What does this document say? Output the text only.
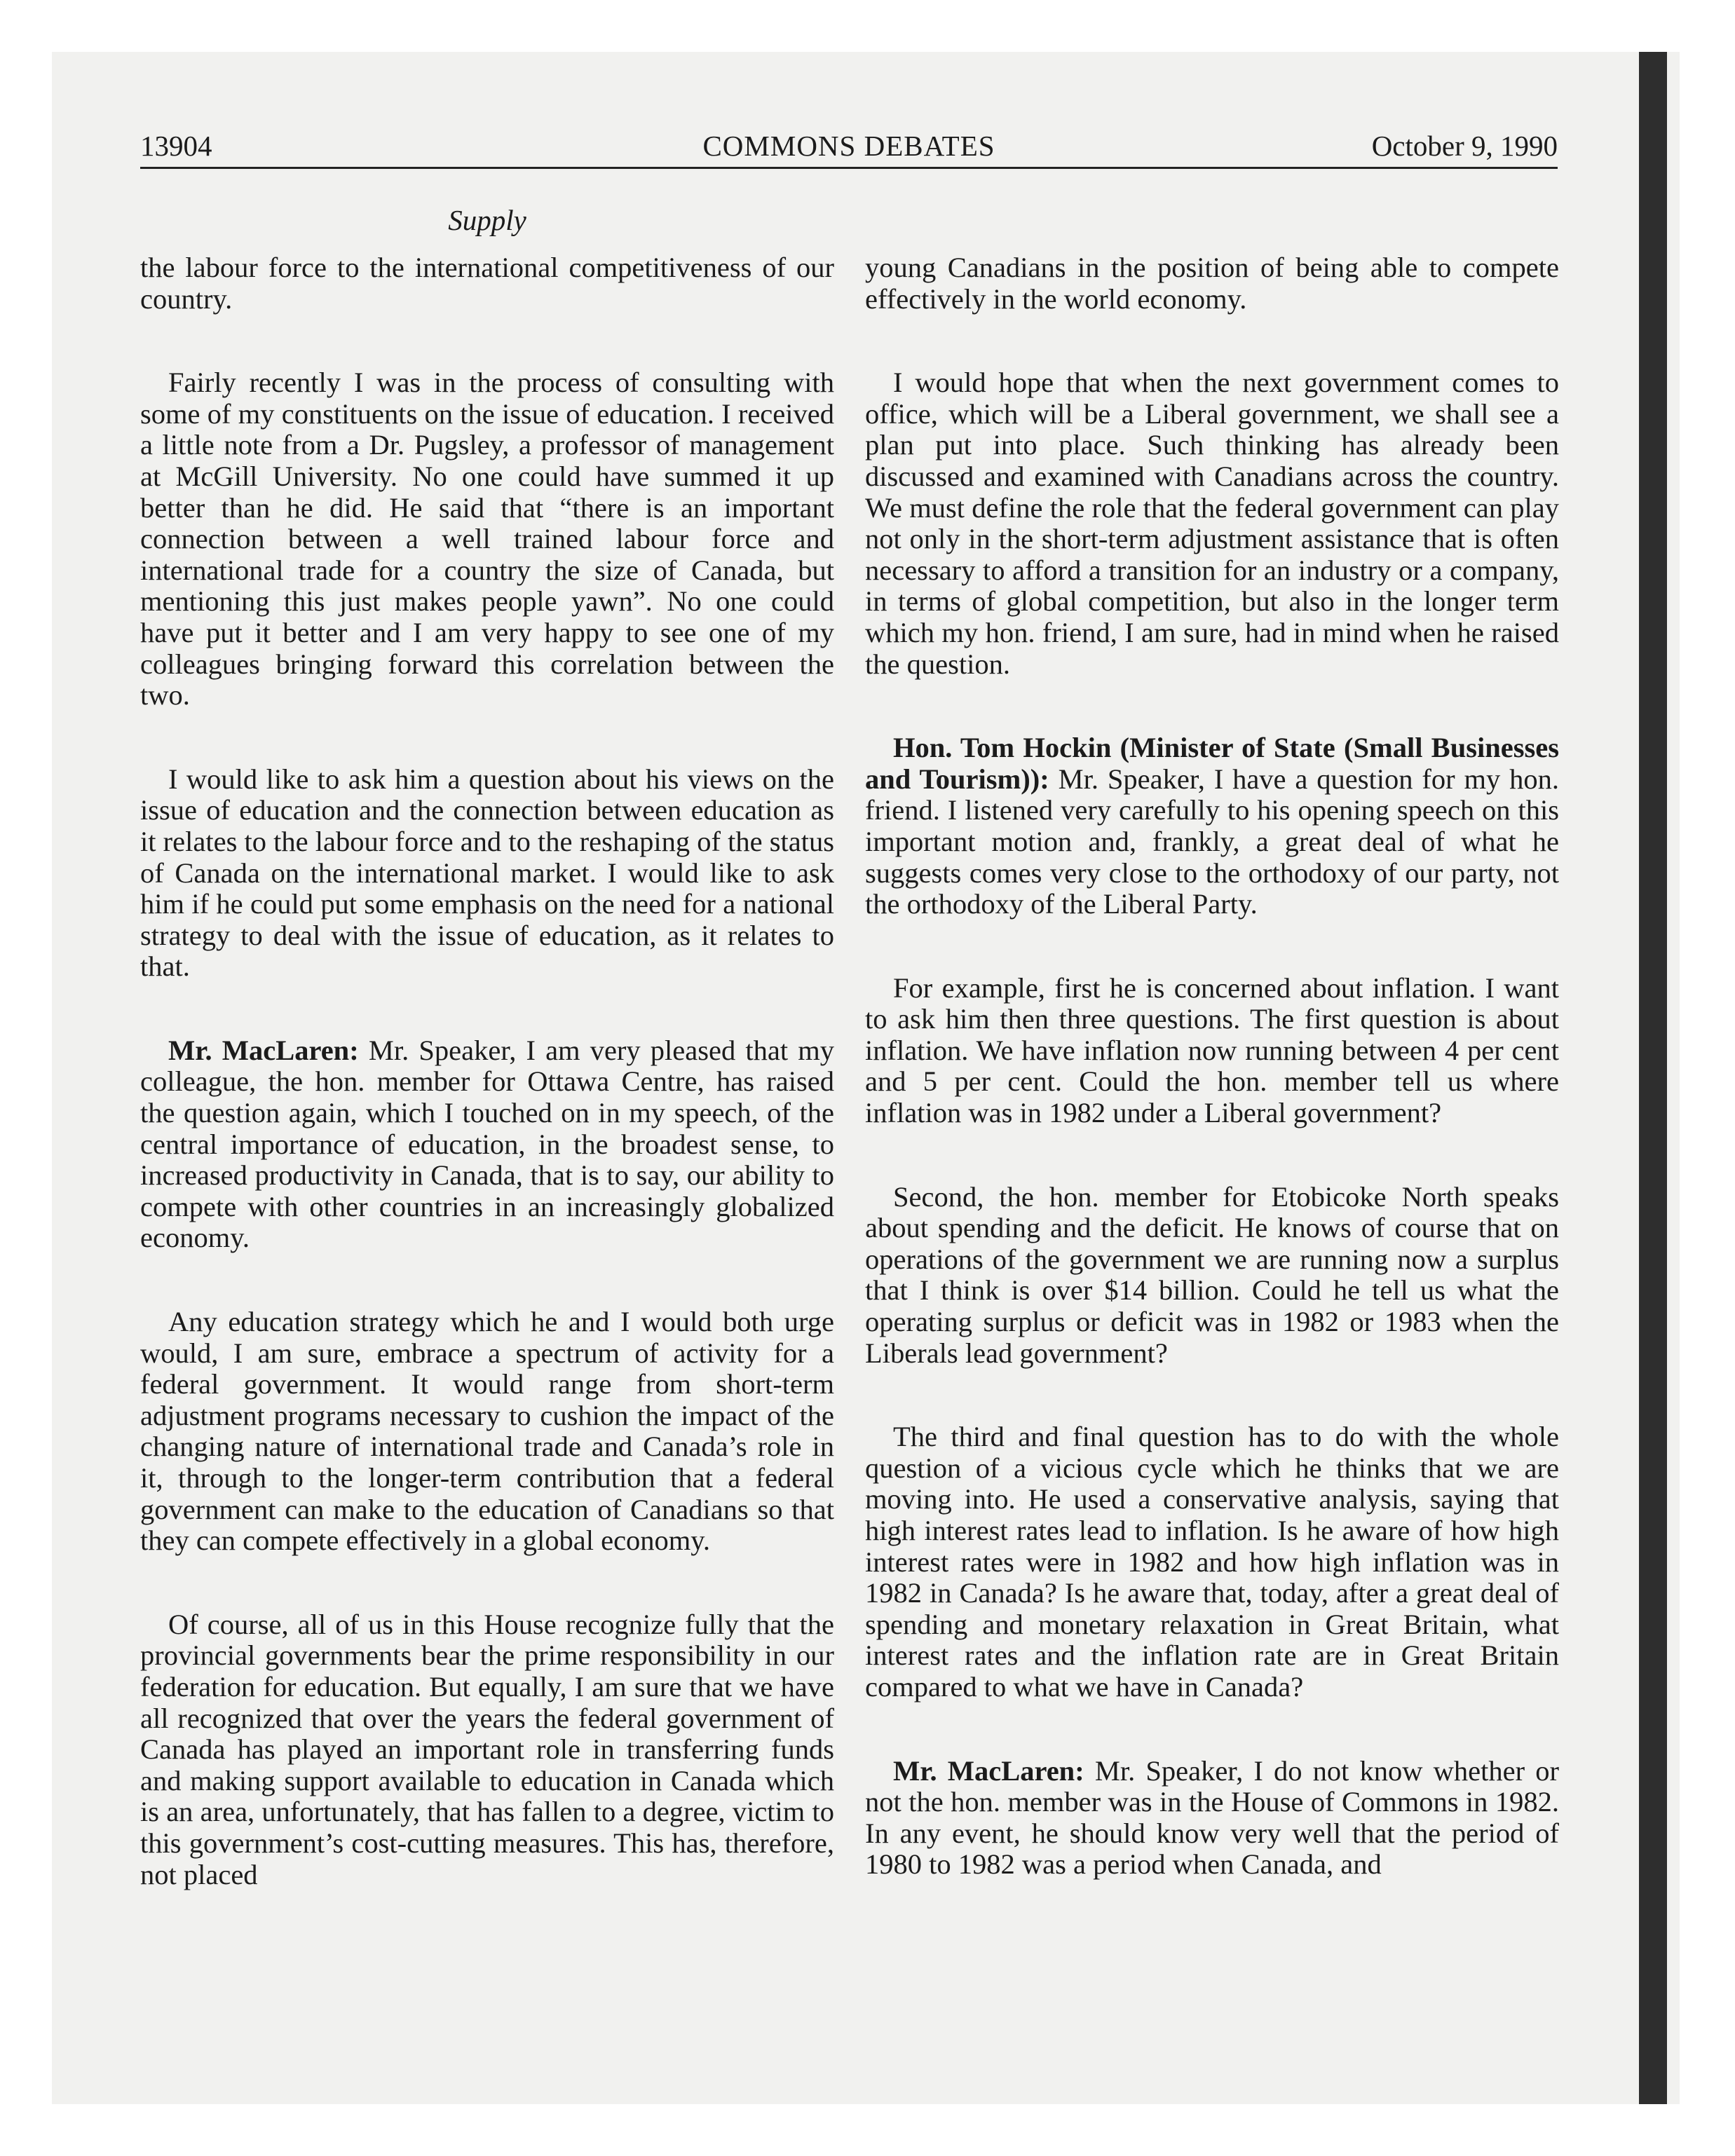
13904	COMMONS DEBATES	October 9, 1990
Supply

the labour force to the international competitiveness of our country.

Fairly recently I was in the process of consulting with some of my constituents on the issue of education. I received a little note from a Dr. Pugsley, a professor of management at McGill University. No one could have summed it up better than he did. He said that “there is an important connection between a well trained labour force and international trade for a country the size of Canada, but mentioning this just makes people yawn”. No one could have put it better and I am very happy to see one of my colleagues bringing forward this correlation between the two.

I would like to ask him a question about his views on the issue of education and the connection between education as it relates to the labour force and to the reshaping of the status of Canada on the international market. I would like to ask him if he could put some emphasis on the need for a national strategy to deal with the issue of education, as it relates to that.

Mr. MacLaren: Mr. Speaker, I am very pleased that my colleague, the hon. member for Ottawa Centre, has raised the question again, which I touched on in my speech, of the central importance of education, in the broadest sense, to increased productivity in Canada, that is to say, our ability to compete with other countries in an increasingly globalized economy.

Any education strategy which he and I would both urge would, I am sure, embrace a spectrum of activity for a federal government. It would range from short-term adjustment programs necessary to cushion the impact of the changing nature of international trade and Canada’s role in it, through to the longer-term contribution that a federal government can make to the education of Canadians so that they can compete effectively in a global economy.

Of course, all of us in this House recognize fully that the provincial governments bear the prime responsibility in our federation for education. But equally, I am sure that we have all recognized that over the years the federal government of Canada has played an important role in transferring funds and making support available to education in Canada which is an area, unfortunately, that has fallen to a degree, victim to this government’s cost-cutting measures. This has, therefore, not placed

young Canadians in the position of being able to compete effectively in the world economy.

I would hope that when the next government comes to office, which will be a Liberal government, we shall see a plan put into place. Such thinking has already been discussed and examined with Canadians across the country. We must define the role that the federal government can play not only in the short-term adjustment assistance that is often necessary to afford a transition for an industry or a company, in terms of global competition, but also in the longer term which my hon. friend, I am sure, had in mind when he raised the question.

Hon. Tom Hockin (Minister of State (Small Businesses and Tourism)): Mr. Speaker, I have a question for my hon. friend. I listened very carefully to his opening speech on this important motion and, frankly, a great deal of what he suggests comes very close to the orthodoxy of our party, not the orthodoxy of the Liberal Party.

For example, first he is concerned about inflation. I want to ask him then three questions. The first question is about inflation. We have inflation now running between 4 per cent and 5 per cent. Could the hon. member tell us where inflation was in 1982 under a Liberal government?

Second, the hon. member for Etobicoke North speaks about spending and the deficit. He knows of course that on operations of the government we are running now a surplus that I think is over $14 billion. Could he tell us what the operating surplus or deficit was in 1982 or 1983 when the Liberals lead government?

The third and final question has to do with the whole question of a vicious cycle which he thinks that we are moving into. He used a conservative analysis, saying that high interest rates lead to inflation. Is he aware of how high interest rates were in 1982 and how high inflation was in 1982 in Canada? Is he aware that, today, after a great deal of spending and monetary relaxation in Great Britain, what interest rates and the inflation rate are in Great Britain compared to what we have in Canada?

Mr. MacLaren: Mr. Speaker, I do not know whether or not the hon. member was in the House of Commons in 1982. In any event, he should know very well that the period of 1980 to 1982 was a period when Canada, and
